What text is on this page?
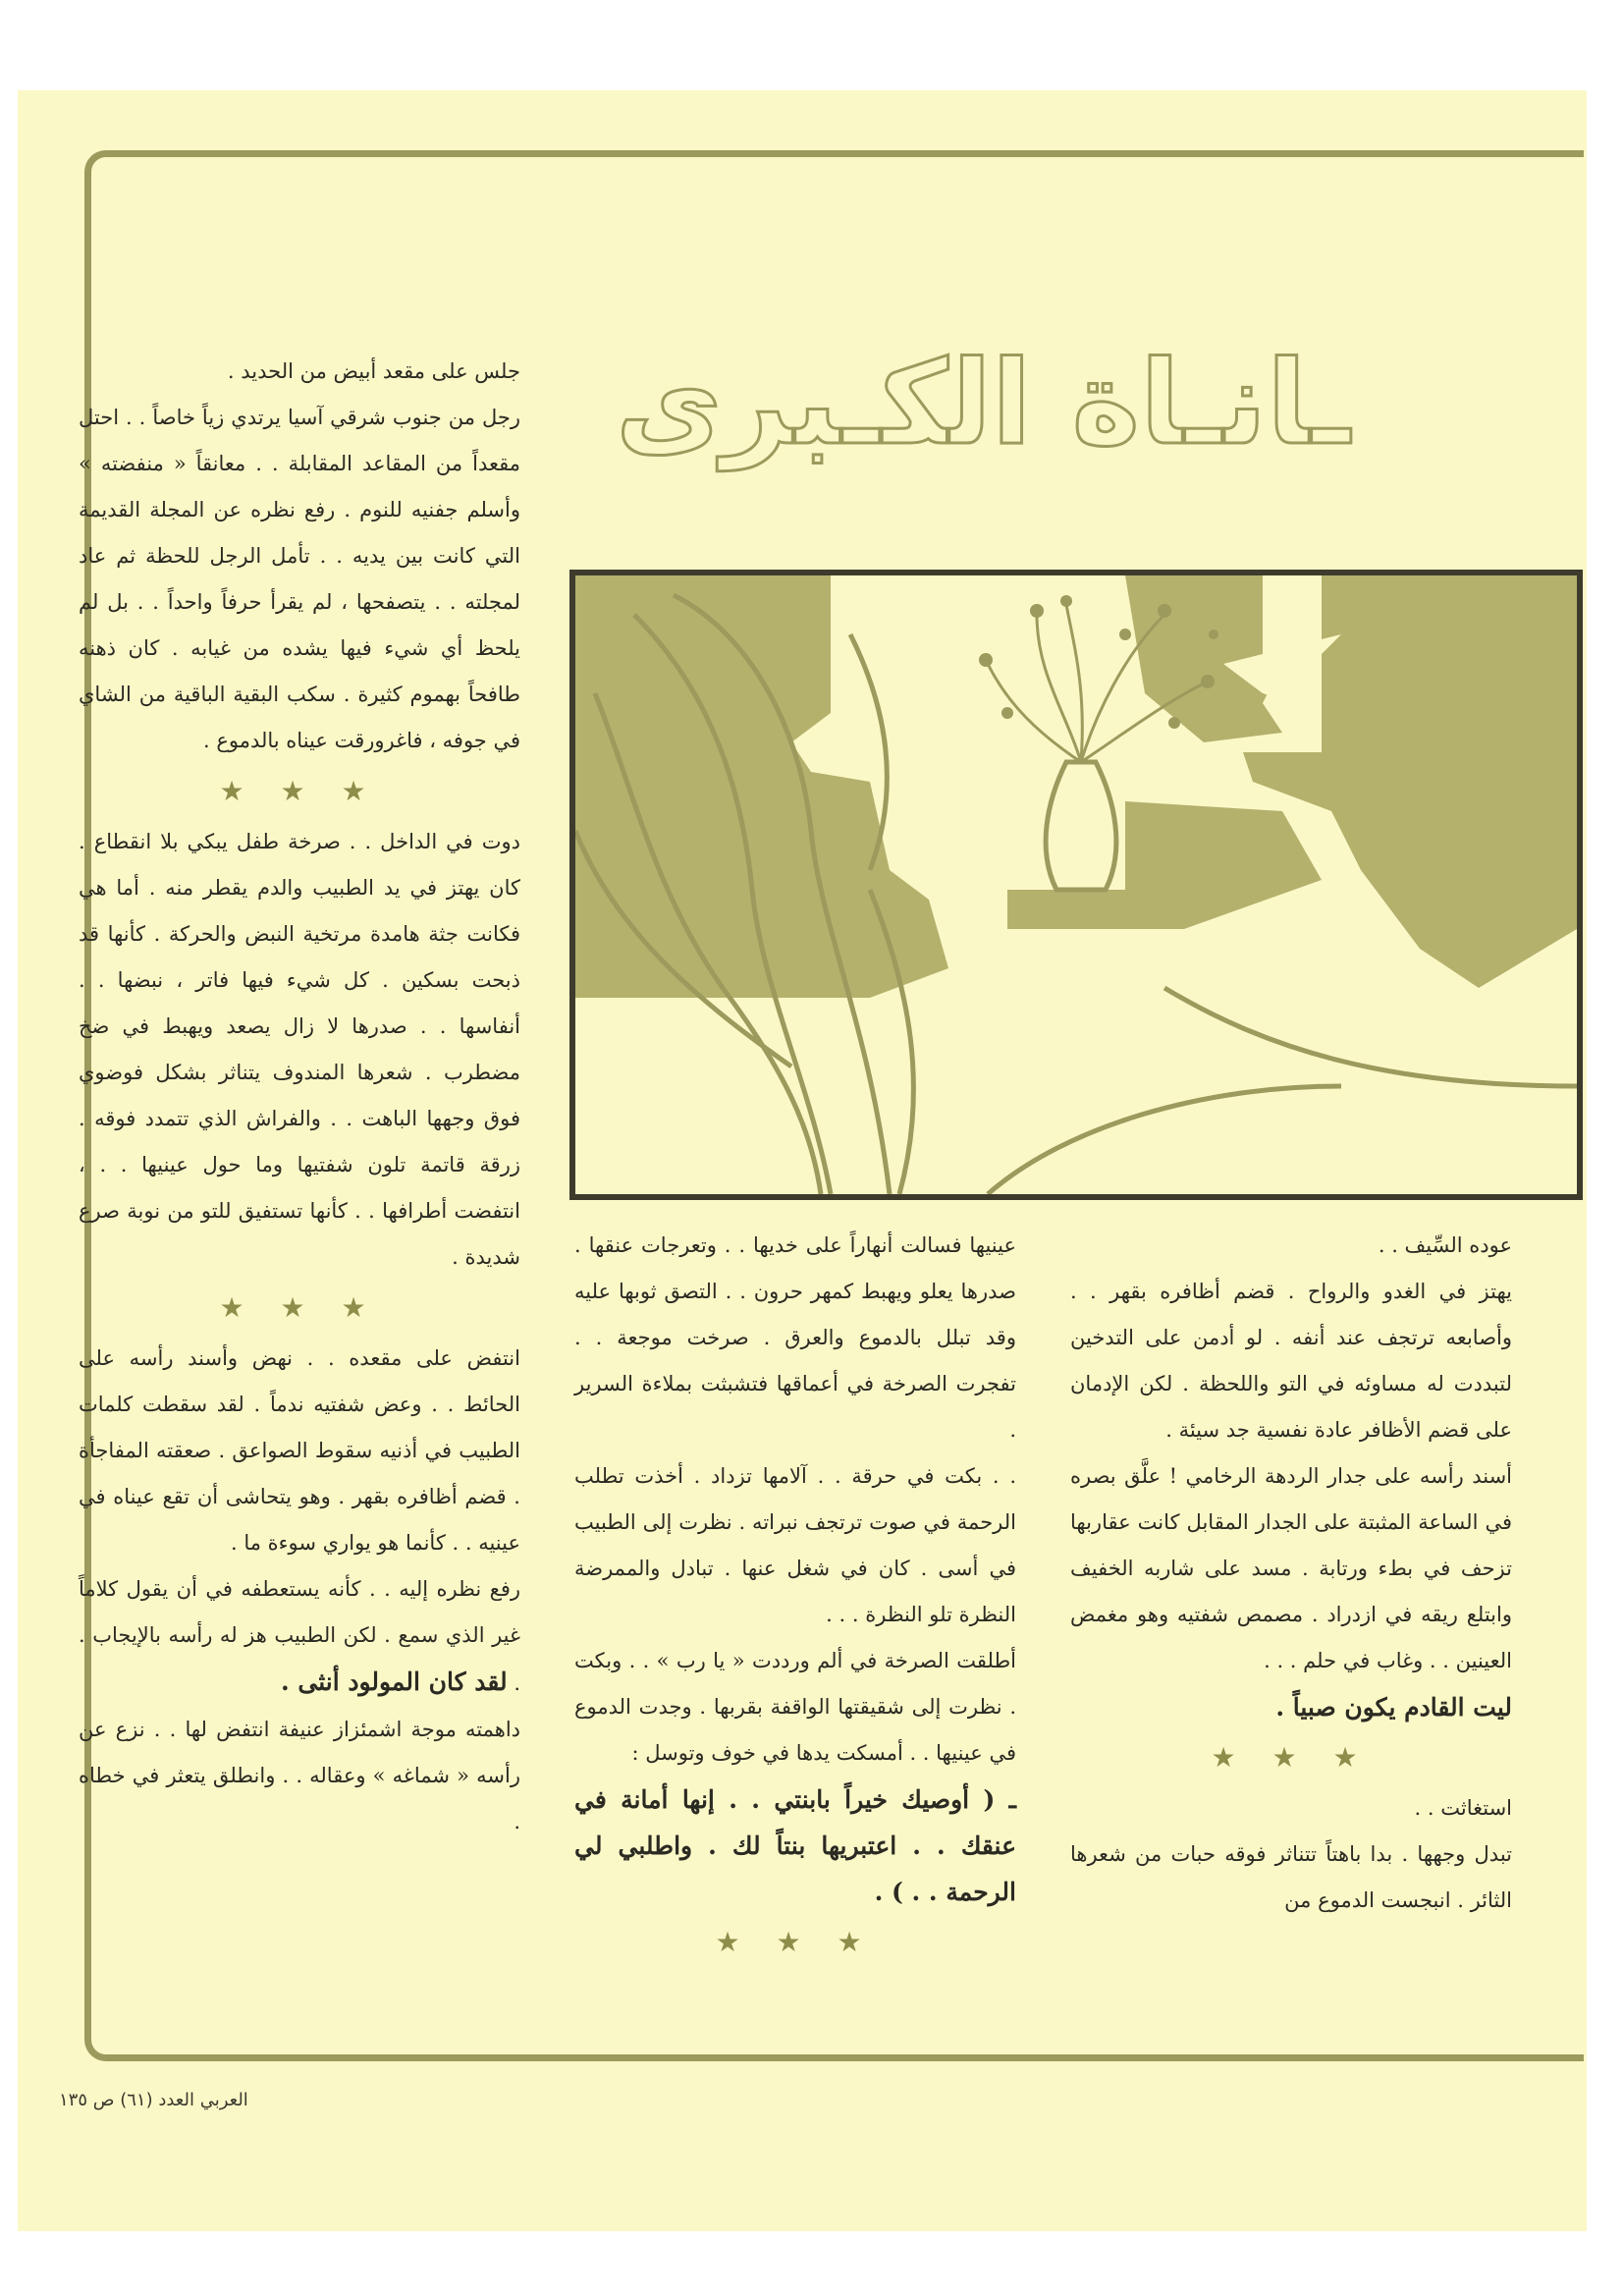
ـانـاة الكـبرى

جلس على مقعد أبيض من الحديد .

رجل من جنوب شرقي آسيا يرتدي زياً خاصاً . . احتل مقعداً من المقاعد المقابلة . . معانقاً « منفضته » وأسلم جفنيه للنوم . رفع نظره عن المجلة القديمة التي كانت بين يديه . . تأمل الرجل للحظة ثم عاد لمجلته . . يتصفحها ، لم يقرأ حرفاً واحداً . . بل لم يلحظ أي شيء فيها يشده من غيابه . كان ذهنه طافحاً بهموم كثيرة . سكب البقية الباقية من الشاي في جوفه ، فاغرورقت عيناه بالدموع .

★ ★ ★

دوت في الداخل . . صرخة طفل يبكي بلا انقطاع . كان يهتز في يد الطبيب والدم يقطر منه . أما هي فكانت جثة هامدة مرتخية النبض والحركة . كأنها قد ذبحت بسكين . كل شيء فيها فاتر ، نبضها . . أنفاسها . . صدرها لا زال يصعد ويهبط في ضخ مضطرب . شعرها المندوف يتناثر بشكل فوضوي فوق وجهها الباهت . . والفراش الذي تتمدد فوقه . زرقة قاتمة تلون شفتيها وما حول عينيها . . ، انتفضت أطرافها . . كأنها تستفيق للتو من نوبة صرع شديدة .

★ ★ ★

انتفض على مقعده . . نهض وأسند رأسه على الحائط . . وعض شفتيه ندماً . لقد سقطت كلمات الطبيب في أذنيه سقوط الصواعق . صعقته المفاجأة . قضم أظافره بقهر . وهو يتحاشى أن تقع عيناه في عينيه . . كأنما هو يواري سوءة ما .

رفع نظره إليه . . كأنه يستعطفه في أن يقول كلاماً غير الذي سمع . لكن الطبيب هز له رأسه بالإيجاب . . لقد كان المولود أنثى .

داهمته موجة اشمئزاز عنيفة انتفض لها . . نزع عن رأسه « شماغه » وعقاله . . وانطلق يتعثر في خطاه .

عينيها فسالت أنهاراً على خديها . . وتعرجات عنقها . صدرها يعلو ويهبط كمهر حرون . . التصق ثوبها عليه وقد تبلل بالدموع والعرق . صرخت موجعة . . تفجرت الصرخة في أعماقها فتشبثت بملاءة السرير .

. . بكت في حرقة . . آلامها تزداد . أخذت تطلب الرحمة في صوت ترتجف نبراته . نظرت إلى الطبيب في أسى . كان في شغل عنها . تبادل والممرضة النظرة تلو النظرة . . .

أطلقت الصرخة في ألم ورددت « يا رب » . . وبكت . نظرت إلى شقيقتها الواقفة بقربها . وجدت الدموع في عينيها . . أمسكت يدها في خوف وتوسل :

ـ ( أوصيك خيراً بابنتي . . إنها أمانة في عنقك . . اعتبريها بنتاً لك . واطلبي لي الرحمة . . ) .

★ ★ ★

عوده السِّيف . .

يهتز في الغدو والرواح . قضم أظافره بقهر . . وأصابعه ترتجف عند أنفه . لو أدمن على التدخين لتبددت له مساوئه في التو واللحظة . لكن الإدمان على قضم الأظافر عادة نفسية جد سيئة .

أسند رأسه على جدار الردهة الرخامي ! علَّق بصره في الساعة المثبتة على الجدار المقابل كانت عقاربها تزحف في بطء ورتابة . مسد على شاربه الخفيف وابتلع ريقه في ازدراد . مصمص شفتيه وهو مغمض العينين . . وغاب في حلم . . .

ليت القادم يكون صبياً .

★ ★ ★

استغاثت . .

تبدل وجهها . بدا باهتاً تتناثر فوقه حبات من شعرها الثائر . انبجست الدموع من

العربي العدد (٦١) ص ١٣٥
